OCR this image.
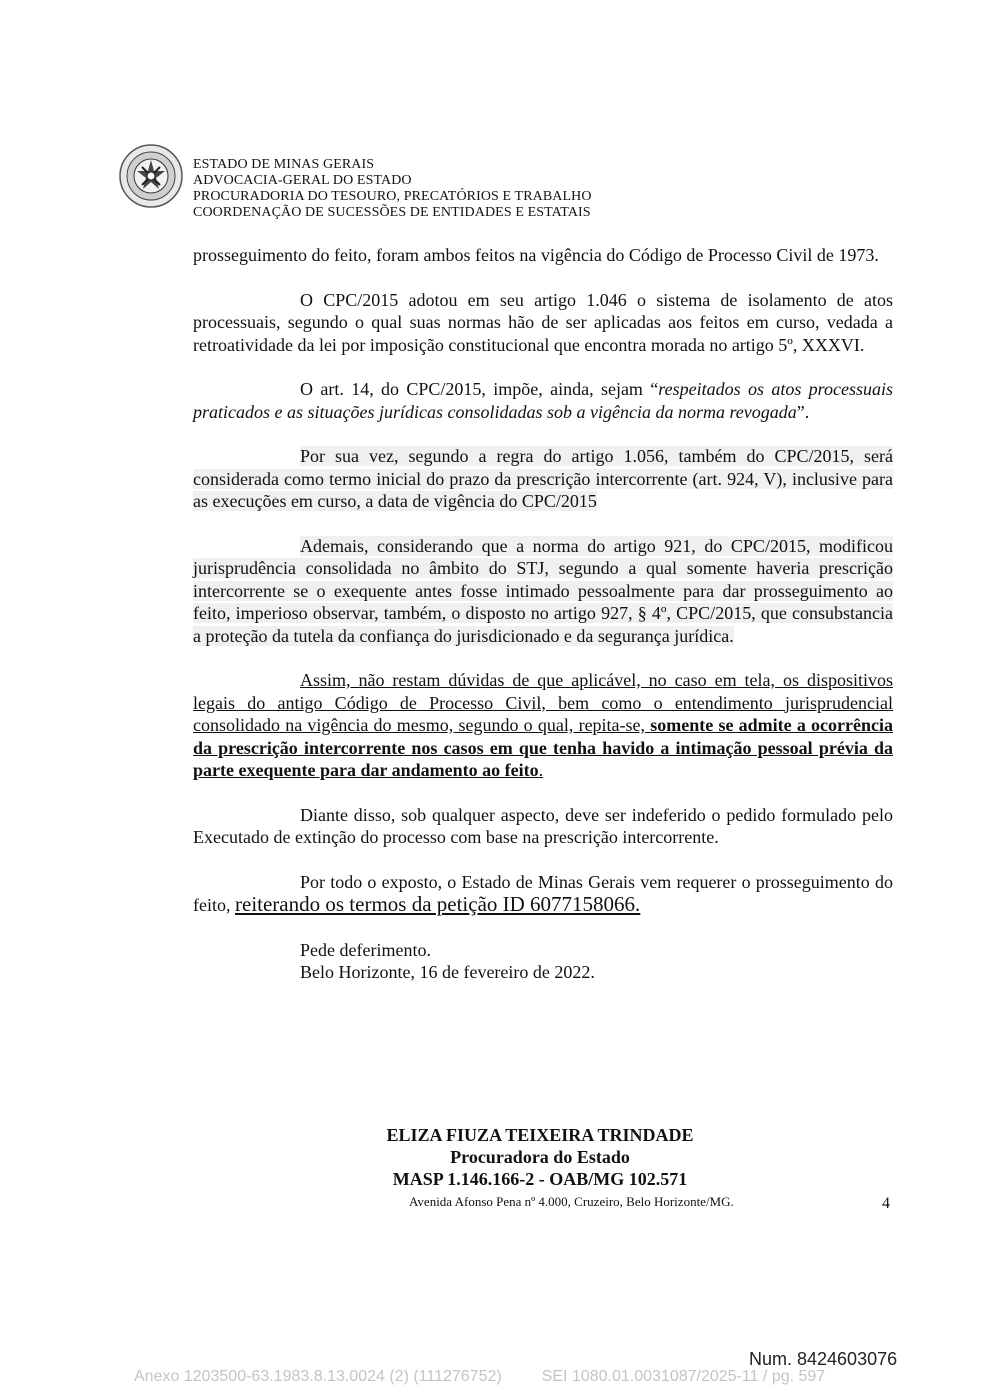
ESTADO DE MINAS GERAIS
ADVOCACIA-GERAL DO ESTADO
PROCURADORIA DO TESOURO, PRECATÓRIOS E TRABALHO
COORDENAÇÃO DE SUCESSÕES DE ENTIDADES E ESTATAIS

prosseguimento do feito, foram ambos feitos na vigência do Código de Processo Civil de 1973.

O CPC/2015 adotou em seu artigo 1.046 o sistema de isolamento de atos processuais, segundo o qual suas normas hão de ser aplicadas aos feitos em curso, vedada a retroatividade da lei por imposição constitucional que encontra morada no artigo 5º, XXXVI.

O art. 14, do CPC/2015, impõe, ainda, sejam “respeitados os atos processuais praticados e as situações jurídicas consolidadas sob a vigência da norma revogada”.

Por sua vez, segundo a regra do artigo 1.056, também do CPC/2015, será considerada como termo inicial do prazo da prescrição intercorrente (art. 924, V), inclusive para as execuções em curso, a data de vigência do CPC/2015

Ademais, considerando que a norma do artigo 921, do CPC/2015, modificou jurisprudência consolidada no âmbito do STJ, segundo a qual somente haveria prescrição intercorrente se o exequente antes fosse intimado pessoalmente para dar prosseguimento ao feito, imperioso observar, também, o disposto no artigo 927, § 4º, CPC/2015, que consubstancia a proteção da tutela da confiança do jurisdicionado e da segurança jurídica.

Assim, não restam dúvidas de que aplicável, no caso em tela, os dispositivos legais do antigo Código de Processo Civil, bem como o entendimento jurisprudencial consolidado na vigência do mesmo, segundo o qual, repita-se, somente se admite a ocorrência da prescrição intercorrente nos casos em que tenha havido a intimação pessoal prévia da parte exequente para dar andamento ao feito.

Diante disso, sob qualquer aspecto, deve ser indeferido o pedido formulado pelo Executado de extinção do processo com base na prescrição intercorrente.

Por todo o exposto, o Estado de Minas Gerais vem requerer o prosseguimento do feito, reiterando os termos da petição ID 6077158066.

Pede deferimento.
Belo Horizonte, 16 de fevereiro de 2022.
ELIZA FIUZA TEIXEIRA TRINDADE
Procuradora do Estado
MASP 1.146.166-2 - OAB/MG 102.571
Avenida Afonso Pena nº 4.000, Cruzeiro, Belo Horizonte/MG.	4
Num. 8424603076
Anexo 1203500-63.1983.8.13.0024 (2) (111276752)	SEI 1080.01.0031087/2025-11 / pg. 597
